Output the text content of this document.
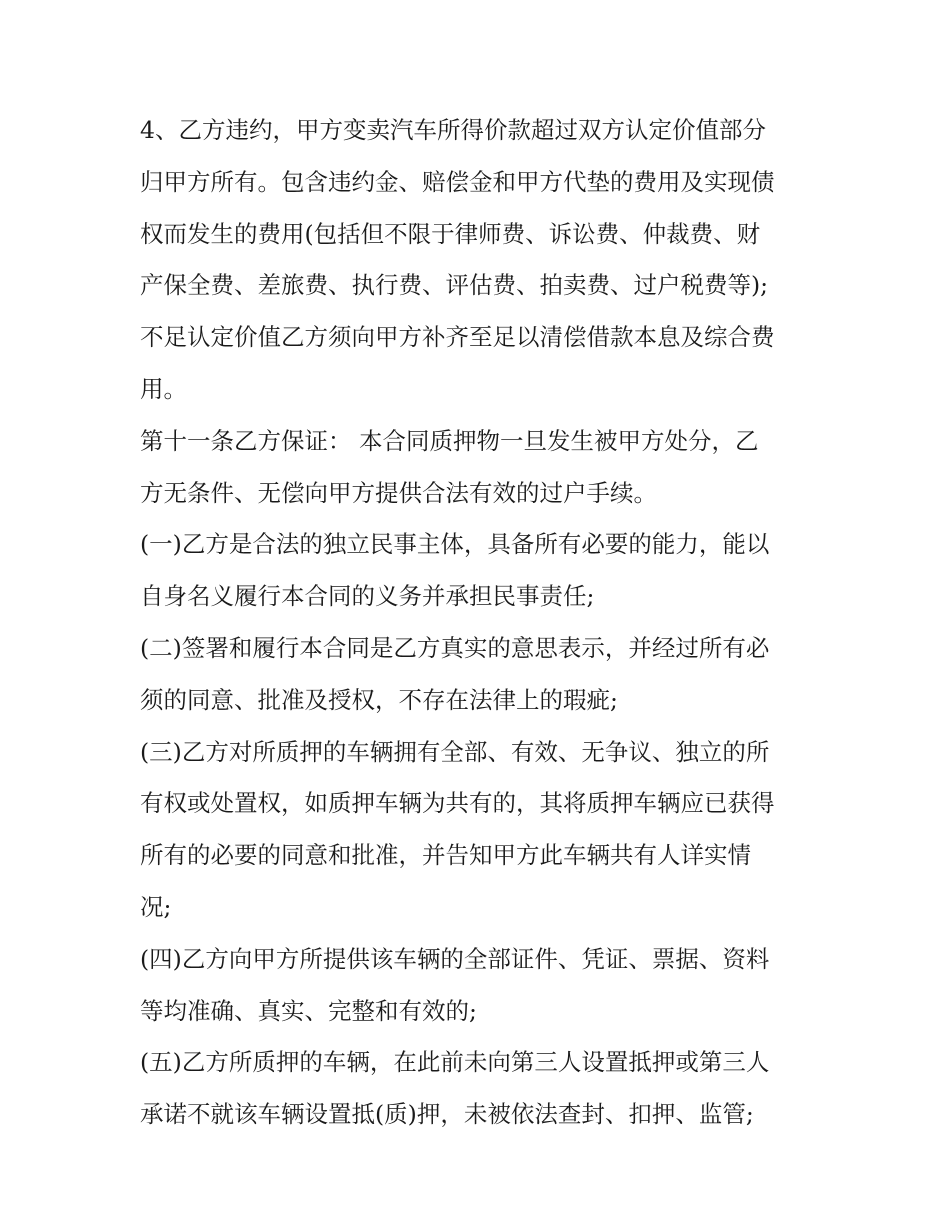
4、乙方违约，甲方变卖汽车所得价款超过双方认定价值部分
归甲方所有。包含违约金、赔偿金和甲方代垫的费用及实现债
权而发生的费用(包括但不限于律师费、诉讼费、仲裁费、财
产保全费、差旅费、执行费、评估费、拍卖费、过户税费等);
不足认定价值乙方须向甲方补齐至足以清偿借款本息及综合费
用。
第十一条乙方保证： 本合同质押物一旦发生被甲方处分，乙
方无条件、无偿向甲方提供合法有效的过户手续。
(一)乙方是合法的独立民事主体，具备所有必要的能力，能以
自身名义履行本合同的义务并承担民事责任;
(二)签署和履行本合同是乙方真实的意思表示，并经过所有必
须的同意、批准及授权，不存在法律上的瑕疵;
(三)乙方对所质押的车辆拥有全部、有效、无争议、独立的所
有权或处置权，如质押车辆为共有的，其将质押车辆应已获得
所有的必要的同意和批准，并告知甲方此车辆共有人详实情
况;
(四)乙方向甲方所提供该车辆的全部证件、凭证、票据、资料
等均准确、真实、完整和有效的;
(五)乙方所质押的车辆，在此前未向第三人设置抵押或第三人
承诺不就该车辆设置抵(质)押，未被依法查封、扣押、监管;
